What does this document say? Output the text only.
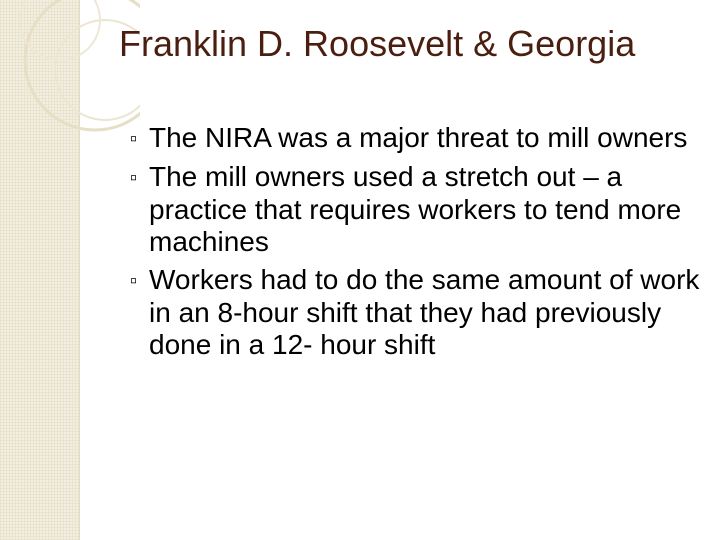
Franklin D. Roosevelt & Georgia
▫ The NIRA was a major threat to mill owners
▫ The mill owners used a stretch out – a practice that requires workers to tend more machines
▫ Workers had to do the same amount of work in an 8-hour shift that they had previously done in a 12- hour shift
